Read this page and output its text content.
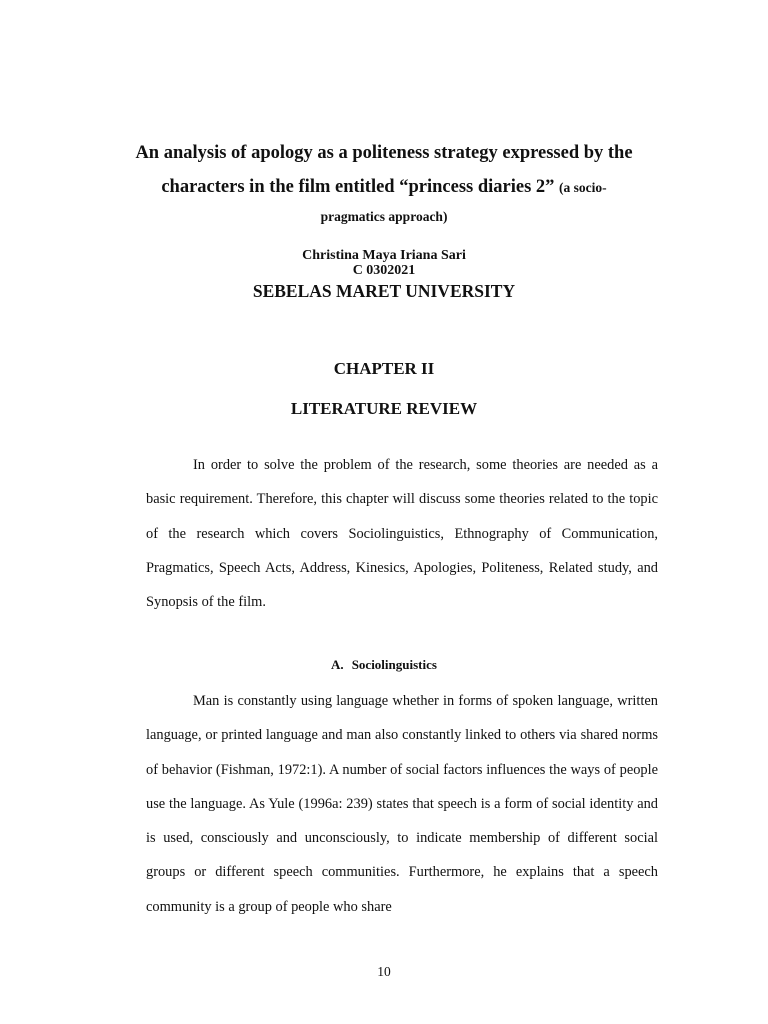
An analysis of apology as a politeness strategy expressed by the
characters in the film entitled “princess diaries 2” (a socio-
pragmatics approach)
Christina Maya Iriana Sari
C 0302021
SEBELAS MARET UNIVERSITY
CHAPTER II
LITERATURE REVIEW

In order to solve the problem of the research, some theories are needed as a basic requirement. Therefore, this chapter will discuss some theories related to the topic of the research which covers Sociolinguistics, Ethnography of Communication, Pragmatics, Speech Acts, Address, Kinesics, Apologies, Politeness, Related study, and Synopsis of the film.

A. Sociolinguistics

Man is constantly using language whether in forms of spoken language, written language, or printed language and man also constantly linked to others via shared norms of behavior (Fishman, 1972:1). A number of social factors influences the ways of people use the language. As Yule (1996a: 239) states that speech is a form of social identity and is used, consciously and unconsciously, to indicate membership of different social groups or different speech communities. Furthermore, he explains that a speech community is a group of people who share

10
